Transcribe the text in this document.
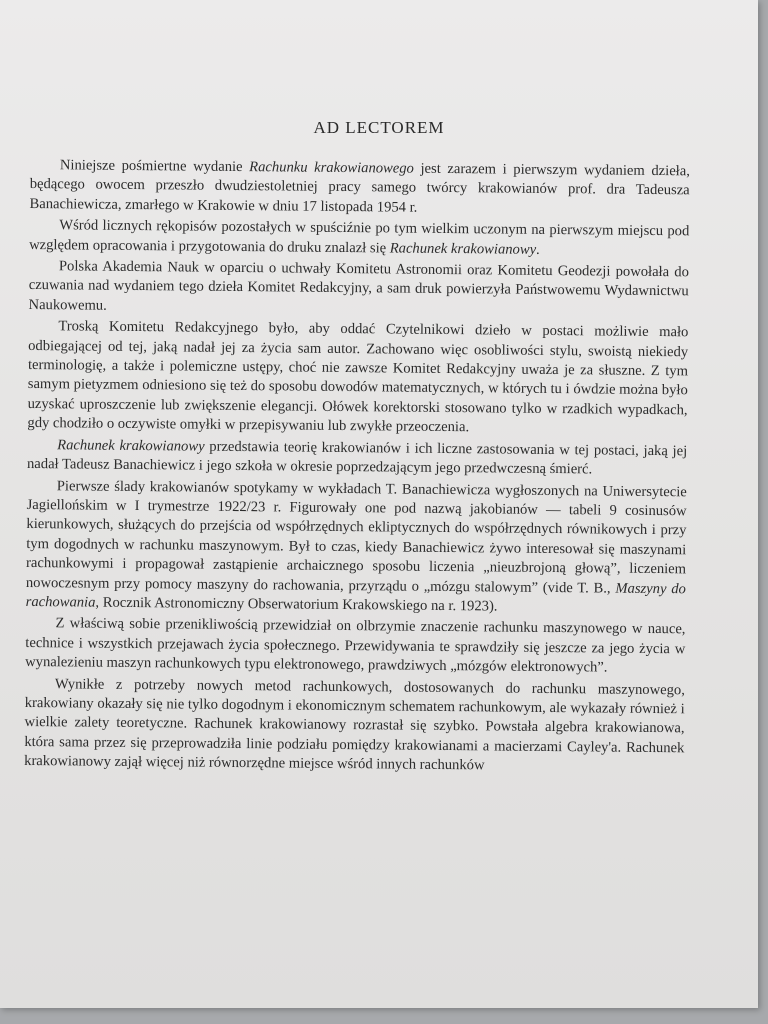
AD LECTOREM

Niniejsze pośmiertne wydanie Rachunku krakowianowego jest zarazem i pierwszym wydaniem dzieła, będącego owocem przeszło dwudziestoletniej pracy samego twórcy krakowianów prof. dra Tadeusza Banachiewicza, zmarłego w Krakowie w dniu 17 listopada 1954 r.

Wśród licznych rękopisów pozostałych w spuściźnie po tym wielkim uczonym na pierwszym miejscu pod względem opracowania i przygotowania do druku znalazł się Rachunek krakowianowy.

Polska Akademia Nauk w oparciu o uchwały Komitetu Astronomii oraz Komitetu Geodezji powołała do czuwania nad wydaniem tego dzieła Komitet Redakcyjny, a sam druk powierzyła Państwowemu Wydawnictwu Naukowemu.

Troską Komitetu Redakcyjnego było, aby oddać Czytelnikowi dzieło w postaci możliwie mało odbiegającej od tej, jaką nadał jej za życia sam autor. Zachowano więc osobliwości stylu, swoistą niekiedy terminologię, a także i polemiczne ustępy, choć nie zawsze Komitet Redakcyjny uważa je za słuszne. Z tym samym pietyzmem odniesiono się też do sposobu dowodów matematycznych, w których tu i ówdzie można było uzyskać uproszczenie lub zwiększenie elegancji. Ołówek korektorski stosowano tylko w rzadkich wypadkach, gdy chodziło o oczywiste omyłki w przepisywaniu lub zwykłe przeoczenia.

Rachunek krakowianowy przedstawia teorię krakowianów i ich liczne zastosowania w tej postaci, jaką jej nadał Tadeusz Banachiewicz i jego szkoła w okresie poprzedzającym jego przedwczesną śmierć.

Pierwsze ślady krakowianów spotykamy w wykładach T. Banachiewicza wygłoszonych na Uniwersytecie Jagiellońskim w I trymestrze 1922/23 r. Figurowały one pod nazwą jakobianów — tabeli 9 cosinusów kierunkowych, służących do przejścia od współrzędnych ekliptycznych do współrzędnych równikowych i przy tym dogodnych w rachunku maszynowym. Był to czas, kiedy Banachiewicz żywo interesował się maszynami rachunkowymi i propagował zastąpienie archaicznego sposobu liczenia „nieuzbrojoną głową”, liczeniem nowoczesnym przy pomocy maszyny do rachowania, przyrządu o „mózgu stalowym” (vide T. B., Maszyny do rachowania, Rocznik Astronomiczny Obserwatorium Krakowskiego na r. 1923).

Z właściwą sobie przenikliwością przewidział on olbrzymie znaczenie rachunku maszynowego w nauce, technice i wszystkich przejawach życia społecznego. Przewidywania te sprawdziły się jeszcze za jego życia w wynalezieniu maszyn rachunkowych typu elektronowego, prawdziwych „mózgów elektronowych”.

Wynikłe z potrzeby nowych metod rachunkowych, dostosowanych do rachunku maszynowego, krakowiany okazały się nie tylko dogodnym i ekonomicznym schematem rachunkowym, ale wykazały również i wielkie zalety teoretyczne. Rachunek krakowianowy rozrastał się szybko. Powstała algebra krakowianowa, która sama przez się przeprowadziła linie podziału pomiędzy krakowianami a macierzami Cayley'a. Rachunek krakowianowy zajął więcej niż równorzędne miejsce wśród innych rachunków
